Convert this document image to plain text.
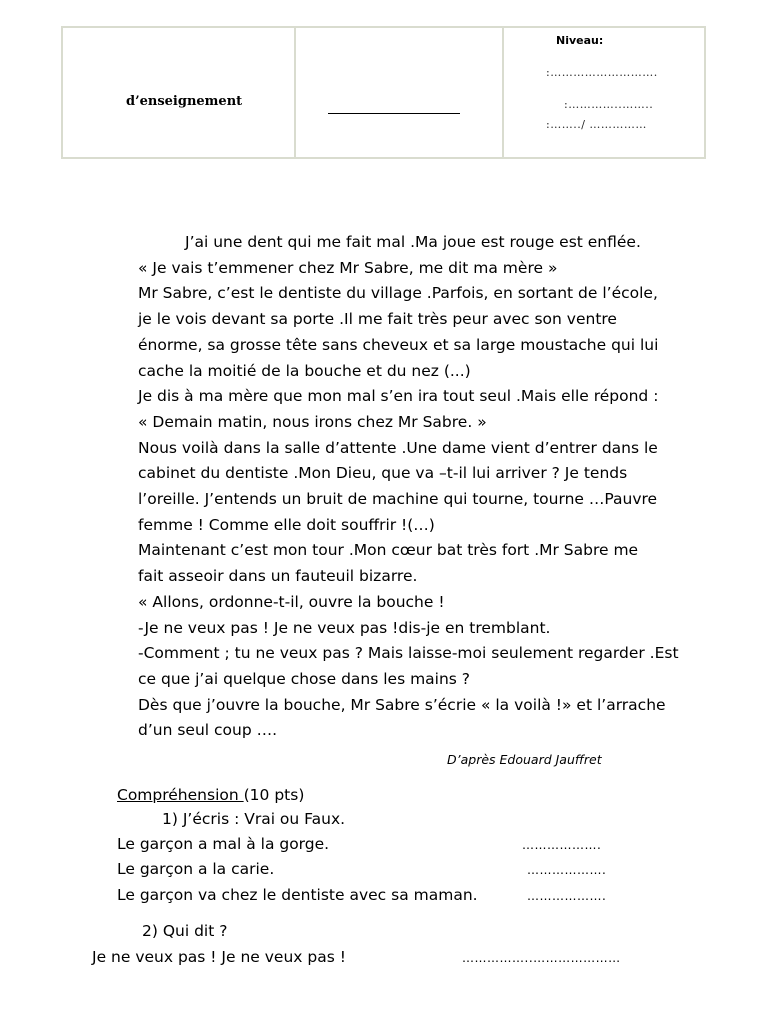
d’enseignement
Niveau:
:……………………….
:…………..……..
:……../ ……………
J’ai une dent qui me fait mal .Ma joue est rouge est enflée.
« Je vais t’emmener chez Mr Sabre, me dit ma mère »
Mr Sabre, c’est le dentiste du village .Parfois, en sortant de l’école,
je le vois devant sa porte .Il me fait très peur avec son ventre
énorme, sa grosse tête sans cheveux et sa large moustache qui lui
cache la moitié de la bouche et du nez (...)
Je dis à ma mère que mon mal s’en ira tout seul .Mais elle répond :
« Demain matin, nous irons chez Mr Sabre. »
Nous voilà dans la salle d’attente .Une dame vient d’entrer dans le
cabinet du dentiste .Mon Dieu, que va –t-il lui arriver ? Je tends
l’oreille. J’entends un bruit de machine qui tourne, tourne …Pauvre
femme ! Comme elle doit souffrir !(…)
Maintenant c’est mon tour .Mon cœur bat très fort .Mr Sabre me
fait asseoir dans un fauteuil bizarre.
« Allons, ordonne-t-il, ouvre la bouche !
-Je ne veux pas ! Je ne veux pas !dis-je en tremblant.
-Comment ; tu ne veux pas ? Mais laisse-moi seulement regarder .Est
ce que j’ai quelque chose dans les mains ?
Dès que j’ouvre la bouche, Mr Sabre s’écrie « la voilà !» et l’arrache
d’un seul coup ….
D’après Edouard Jauffret
Compréhension (10 pts)
1) J’écris : Vrai ou Faux.
Le garçon a mal à la gorge.	……………….
Le garçon a la carie.	……………….
Le garçon va chez le dentiste avec sa maman.	……………….
2) Qui dit ?
Je ne veux pas ! Je ne veux pas !	……………..…………………
